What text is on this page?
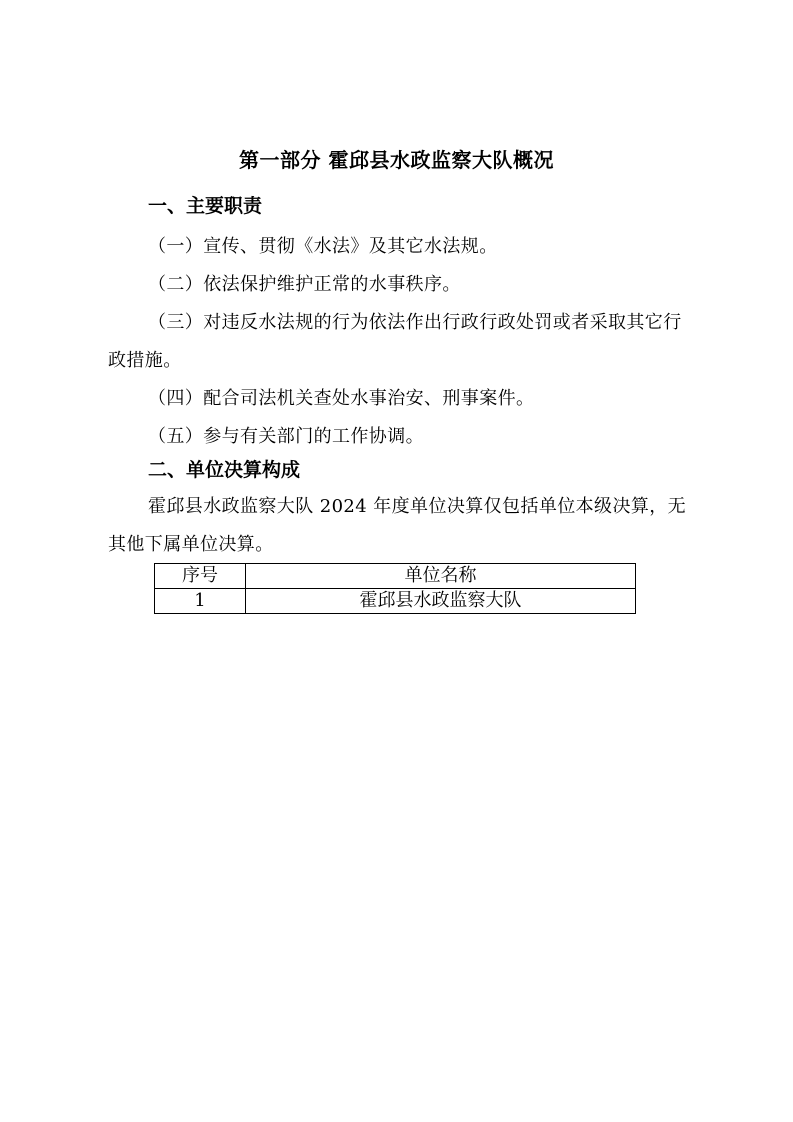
第一部分 霍邱县水政监察大队概况
一、主要职责
（一）宣传、贯彻《水法》及其它水法规。
（二）依法保护维护正常的水事秩序。
（三）对违反水法规的行为依法作出行政行政处罚或者采取其它行政措施。
（四）配合司法机关查处水事治安、刑事案件。
（五）参与有关部门的工作协调。
二、单位决算构成
霍邱县水政监察大队 2024 年度单位决算仅包括单位本级决算，无其他下属单位决算。
序号	单位名称
1	霍邱县水政监察大队
